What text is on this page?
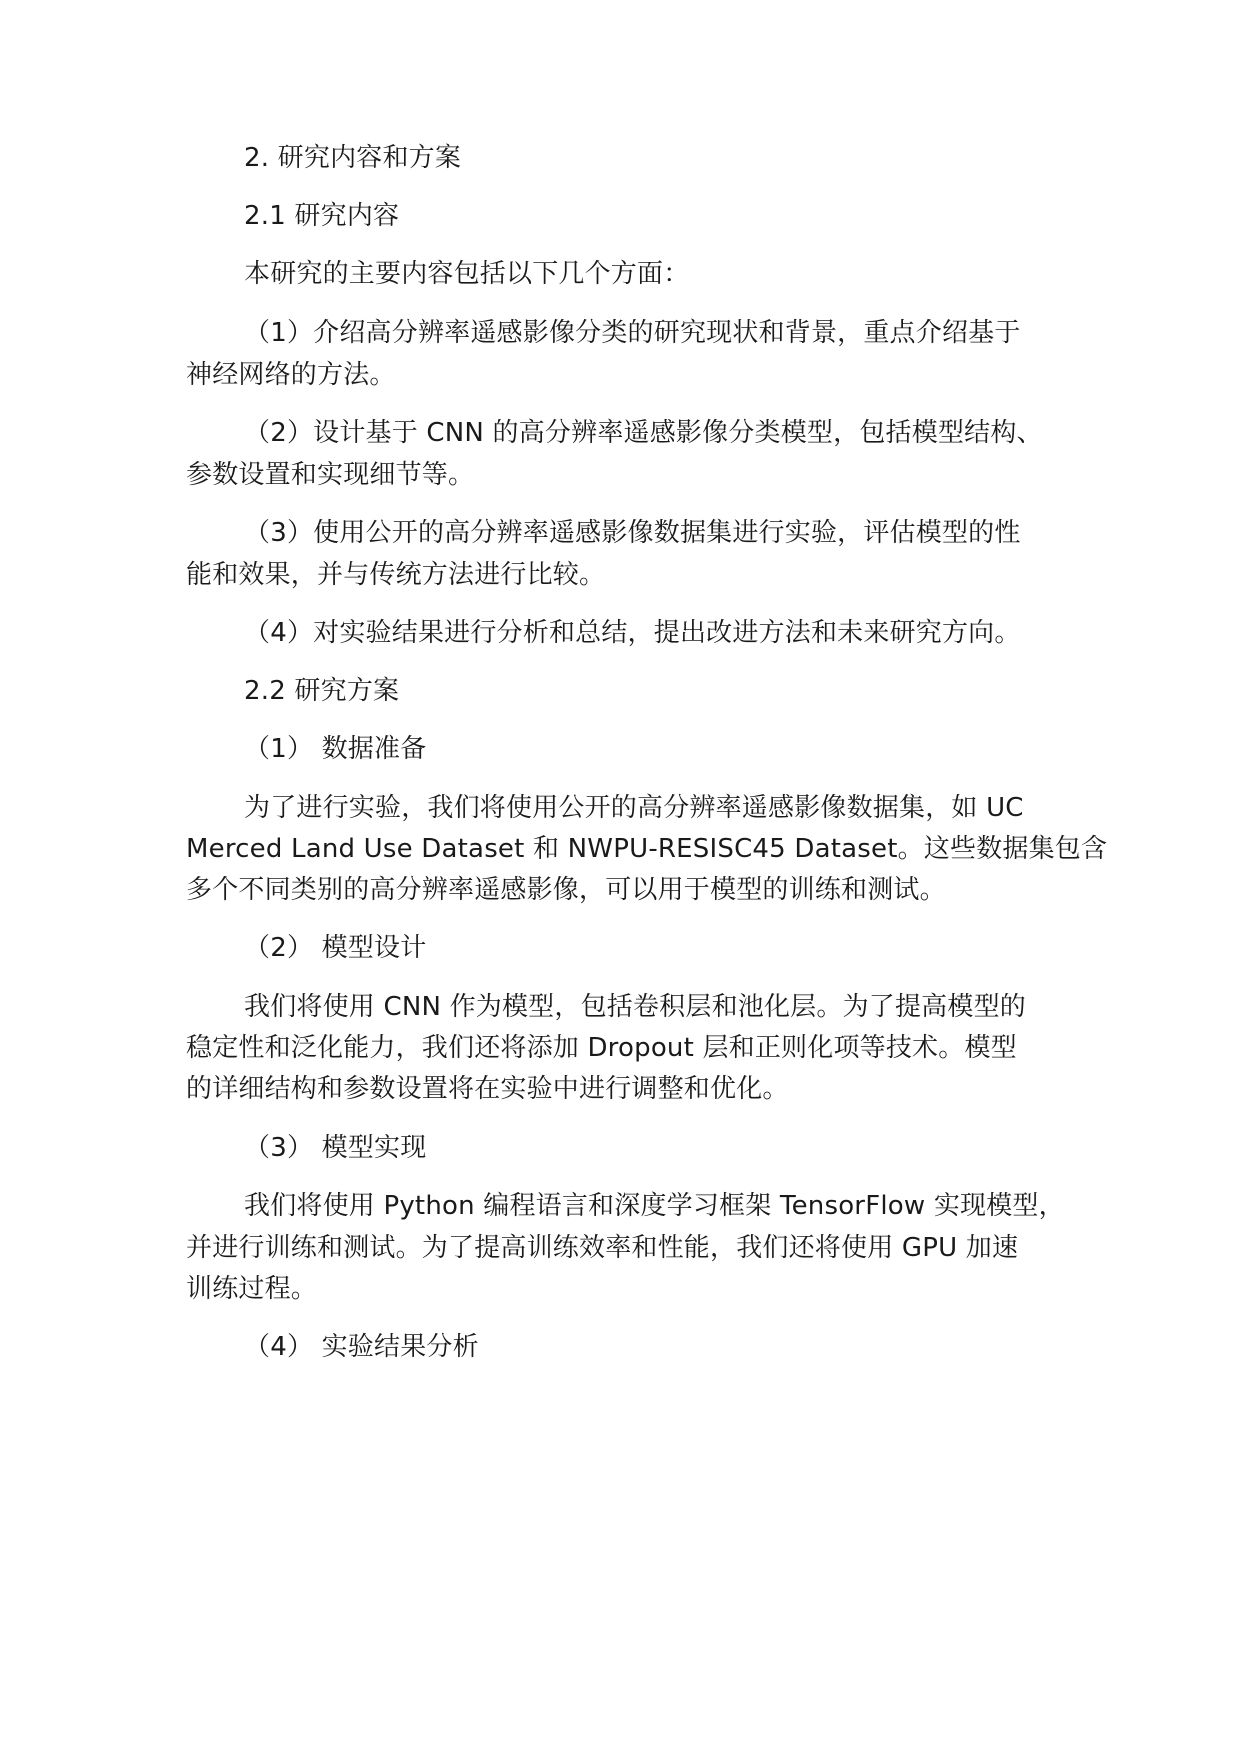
2. 研究内容和方案
2.1 研究内容
本研究的主要内容包括以下几个方面：
（1）介绍高分辨率遥感影像分类的研究现状和背景，重点介绍基于
神经网络的方法。
（2）设计基于 CNN 的高分辨率遥感影像分类模型，包括模型结构、
参数设置和实现细节等。
（3）使用公开的高分辨率遥感影像数据集进行实验，评估模型的性
能和效果，并与传统方法进行比较。
（4）对实验结果进行分析和总结，提出改进方法和未来研究方向。
2.2 研究方案
（1） 数据准备
为了进行实验，我们将使用公开的高分辨率遥感影像数据集，如 UC
Merced Land Use Dataset 和 NWPU-RESISC45 Dataset。这些数据集包含
多个不同类别的高分辨率遥感影像，可以用于模型的训练和测试。
（2） 模型设计
我们将使用 CNN 作为模型，包括卷积层和池化层。为了提高模型的
稳定性和泛化能力，我们还将添加 Dropout 层和正则化项等技术。模型
的详细结构和参数设置将在实验中进行调整和优化。
（3） 模型实现
我们将使用 Python 编程语言和深度学习框架 TensorFlow 实现模型，
并进行训练和测试。为了提高训练效率和性能，我们还将使用 GPU 加速
训练过程。
（4） 实验结果分析
